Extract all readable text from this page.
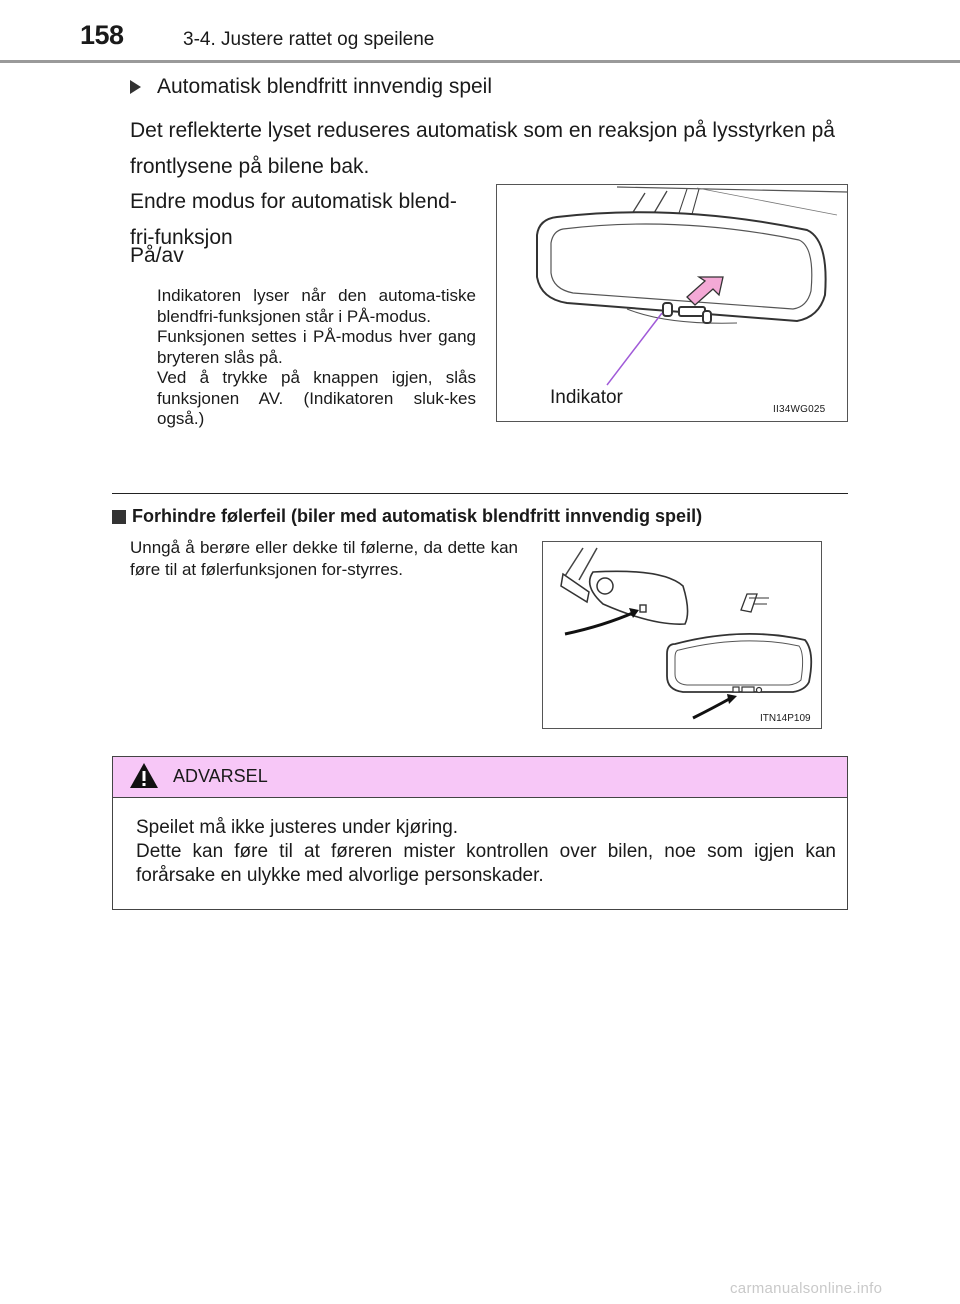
158	3-4. Justere rattet og speilene
Automatisk blendfritt innvendig speil
Det reflekterte lyset reduseres automatisk som en reaksjon på lysstyrken på frontlysene på bilene bak.
Endre modus for automatisk blend-fri-funksjon
På/av
Indikatoren lyser når den automa-tiske blendfri-funksjonen står i PÅ-modus.
Funksjonen settes i PÅ-modus hver gang bryteren slås på.
Ved å trykke på knappen igjen, slås funksjonen AV. (Indikatoren sluk-kes også.)
Indikator
II34WG025
Forhindre følerfeil (biler med automatisk blendfritt innvendig speil)
Unngå å berøre eller dekke til følerne, da dette kan føre til at følerfunksjonen for-styrres.
ITN14P109
ADVARSEL
Speilet må ikke justeres under kjøring.
Dette kan føre til at føreren mister kontrollen over bilen, noe som igjen kan forårsake en ulykke med alvorlige personskader.
carmanualsonline.info
